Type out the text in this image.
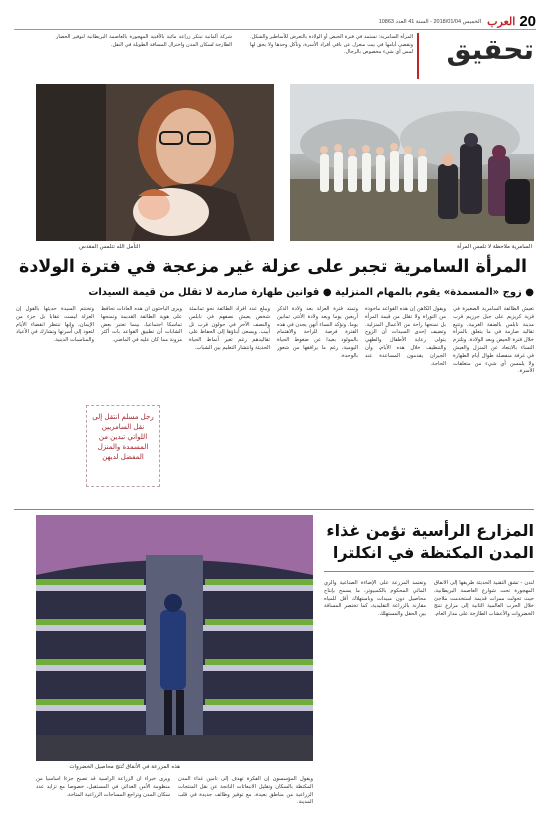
20
العرب
الخميس 2018/01/04 - السنة 41 العدد 10863
تحقيق
المرأة السامرية: تستمد في فترة الحيض أو الولادة بالتعرض للأساطير والشكل. وتقضي أيامها في بيت منعزل عن باقي أفراد الأسرة، وتأكل وحدها ولا يحق لها لمس أي شيء مخصوص بالرجال.
شركة ألمانية تبتكر زراعة مائية بالأقبية المهجورة بالعاصمة البريطانية لتوفير الخضار الطازجة لسكان المدن واختزال المسافة الطويلة في النقل.
السامرية ملاحظة لا تلمس المرأة
التأمل الله تتلمس المقدس
المرأة السامرية تجبر على عزلة غير مزعجة في فترة الولادة
● زوج «المسمدة» يقوم بالمهام المنزلية ● قوانين طهارة صارمة لا تقلل من قيمة السيدات
تعيش الطائفة السامرية الصغيرة في قرية كريزيم على جبل جرزيم قرب مدينة نابلس بالضفة الغربية، وتتبع تقاليد صارمة في ما يتعلق بالمرأة خلال فترة الحيض وبعد الولادة. وتلتزم النساء بالابتعاد عن المنزل والعيش في غرفة منفصلة طوال أيام الطهارة ولا يلمسن أي شيء من متعلقات الأسرة.
ويقول الكاهن إن هذه القواعد مأخوذة من التوراة ولا تقلل من قيمة المرأة بل تمنحها راحة من الأعمال المنزلية. وتضيف إحدى السيدات أن الزوج يتولى رعاية الأطفال والطهي والتنظيف خلال هذه الأيام، وأن الجيران يقدمون المساعدة عند الحاجة.
وتمتد فترة العزلة بعد ولادة الذكر أربعين يوما وبعد ولادة الأنثى ثمانين يوما. وتؤكد النساء أنهن يجدن في هذه الفترة فرصة للراحة والاهتمام بالمولود بعيدا عن ضغوط الحياة اليومية، رغم ما يرافقها من شعور بالوحدة.
ويبلغ عدد أفراد الطائفة نحو ثمانمئة شخص يعيش نصفهم في نابلس والنصف الآخر في حولون قرب تل أبيب. ويسعى أبناؤها إلى الحفاظ على تقاليدهم رغم تغير أنماط الحياة الحديثة وانتشار التعليم بين الشباب.
ويرى الباحثون أن هذه العادات تحافظ على هوية الطائفة القديمة وتمنحها تماسكا اجتماعيا، بينما تعتبر بعض الشابات أن تطبيق القواعد بات أكثر مرونة مما كان عليه في الماضي.
وتختتم السيدة حديثها بالقول إن العزلة ليست عقابا بل جزء من الإيمان، وإنها تنتظر انقضاء الأيام لتعود إلى أسرتها وتشارك في الأعياد والمناسبات الدينية.
رجل مسلم انتقل إلى نقل السامريين اللواتي تبدين من المسمدة والمنزل المفضل لديهن
هذه المزرعة في الأنفاق تُنتج محاصيل الخضروات
المزارع الرأسية تؤمن غذاء المدن المكتظة في انكلترا
لندن - تشق التقنية الحديثة طريقها إلى الأنفاق المهجورة تحت شوارع العاصمة البريطانية، حيث تحولت ممرات قديمة استخدمت ملاجئ خلال الحرب العالمية الثانية إلى مزارع تنتج الخضروات والأعشاب الطازجة على مدار العام.
وتعتمد المزرعة على الإضاءة الصناعية والري المائي المحكوم بالكمبيوتر، ما يسمح بإنتاج محاصيل دون مبيدات وباستهلاك أقل للمياه مقارنة بالزراعة التقليدية، كما تختصر المسافة بين الحقل والمستهلك.
ويقول المؤسسون إن الفكرة تهدف إلى تأمين غذاء المدن المكتظة بالسكان وتقليل الانبعاثات الناتجة عن نقل المنتجات الزراعية من مناطق بعيدة، مع توفير وظائف جديدة في قلب المدينة.
ويرى خبراء أن الزراعة الرأسية قد تصبح جزءا أساسيا من منظومة الأمن الغذائي في المستقبل، خصوصا مع تزايد عدد سكان المدن وتراجع المساحات الزراعية المتاحة.
